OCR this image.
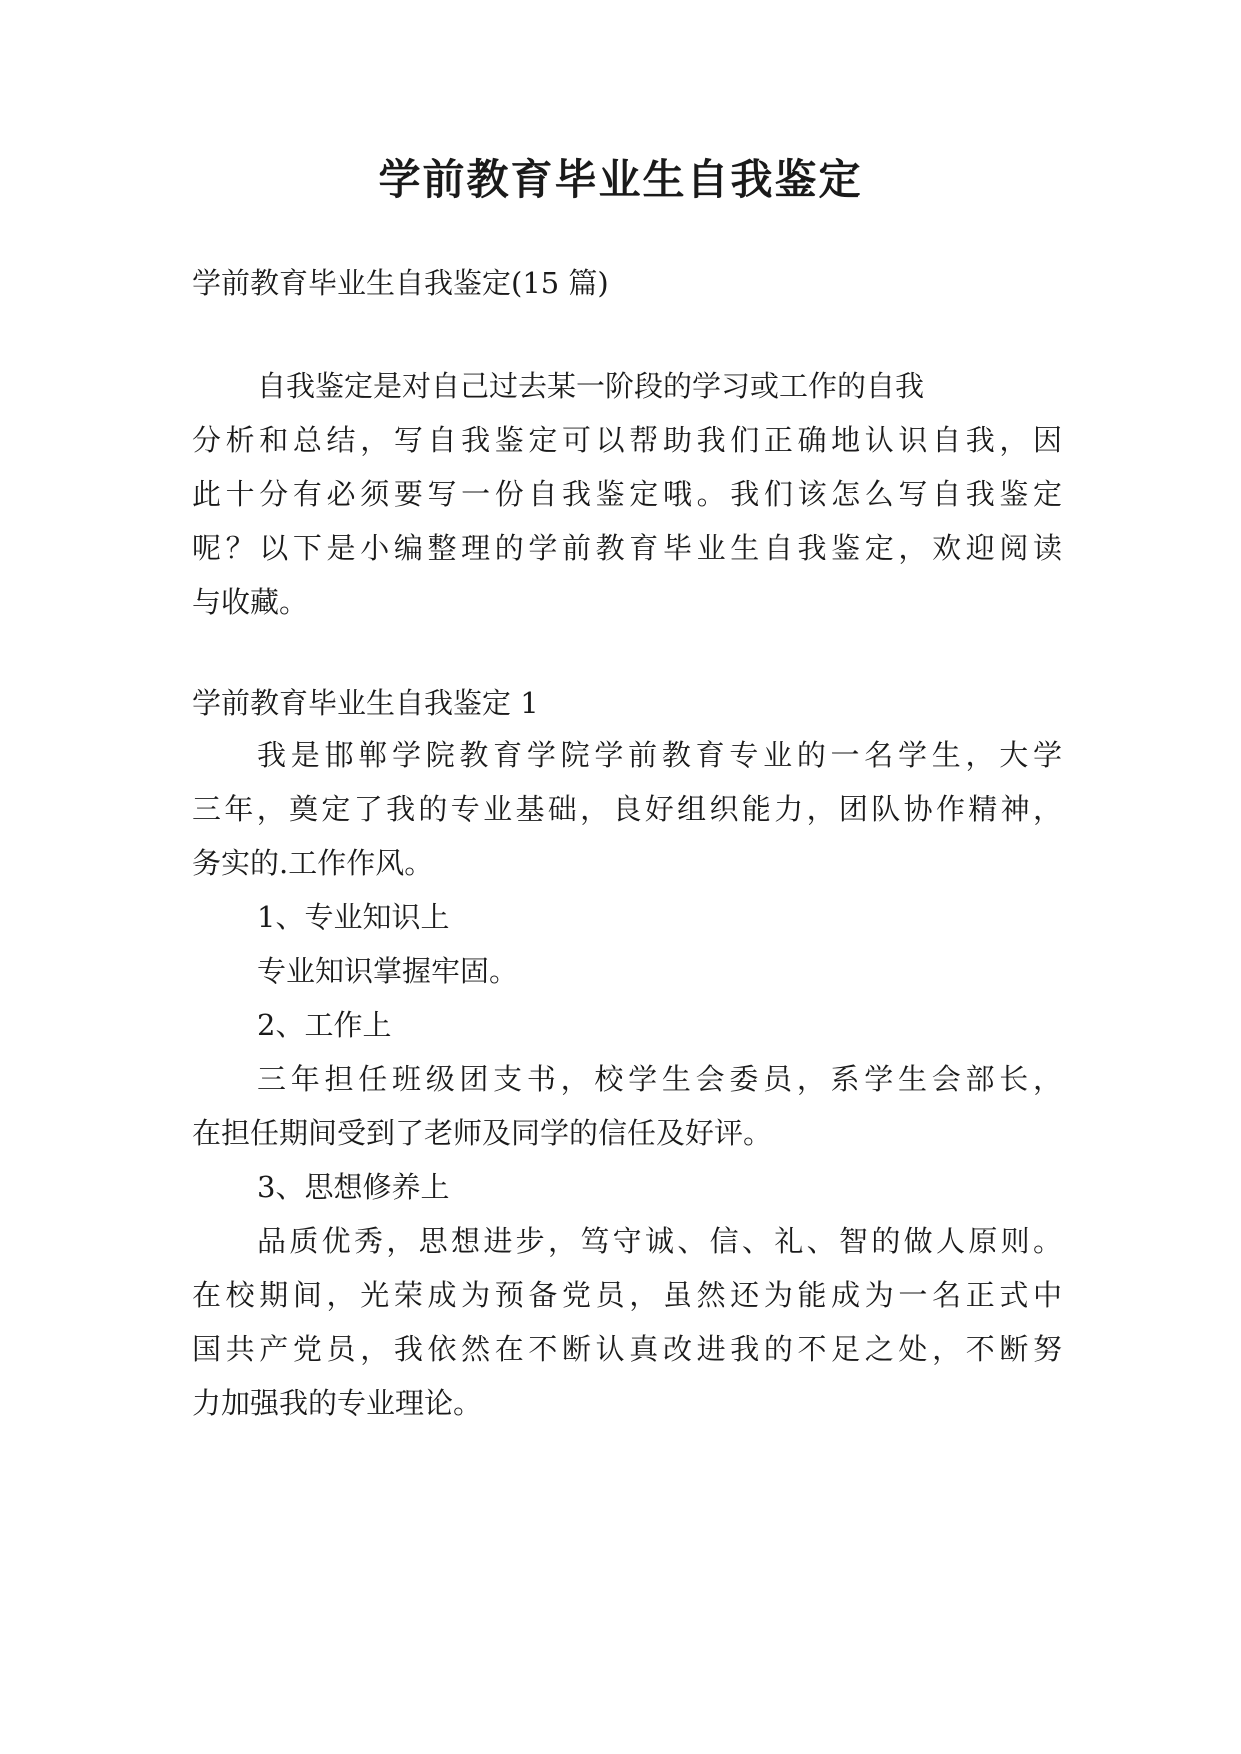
学前教育毕业生自我鉴定

学前教育毕业生自我鉴定(15 篇)

自我鉴定是对自己过去某一阶段的学习或工作的自我

分析和总结，写自我鉴定可以帮助我们正确地认识自我，因

此十分有必须要写一份自我鉴定哦。我们该怎么写自我鉴定

呢？以下是小编整理的学前教育毕业生自我鉴定，欢迎阅读

与收藏。

学前教育毕业生自我鉴定 1

我是邯郸学院教育学院学前教育专业的一名学生，大学

三年，奠定了我的专业基础，良好组织能力，团队协作精神，

务实的.工作作风。

1、专业知识上

专业知识掌握牢固。

2、工作上

三年担任班级团支书，校学生会委员，系学生会部长，

在担任期间受到了老师及同学的信任及好评。

3、思想修养上

品质优秀，思想进步，笃守诚、信、礼、智的做人原则。

在校期间，光荣成为预备党员，虽然还为能成为一名正式中

国共产党员，我依然在不断认真改进我的不足之处，不断努

力加强我的专业理论。
